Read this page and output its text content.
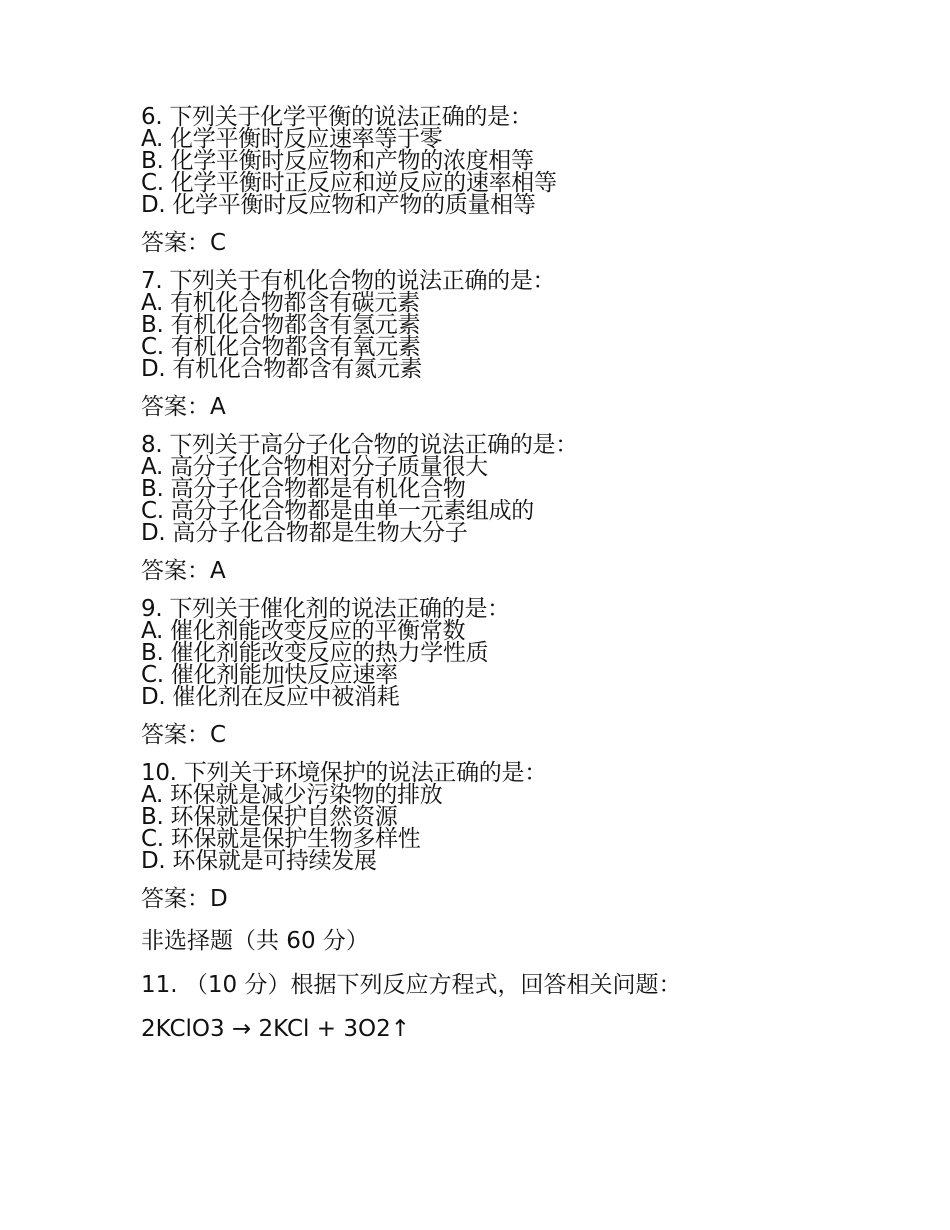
6. 下列关于化学平衡的说法正确的是：
A. 化学平衡时反应速率等于零
B. 化学平衡时反应物和产物的浓度相等
C. 化学平衡时正反应和逆反应的速率相等
D. 化学平衡时反应物和产物的质量相等
答案：C
7. 下列关于有机化合物的说法正确的是：
A. 有机化合物都含有碳元素
B. 有机化合物都含有氢元素
C. 有机化合物都含有氧元素
D. 有机化合物都含有氮元素
答案：A
8. 下列关于高分子化合物的说法正确的是：
A. 高分子化合物相对分子质量很大
B. 高分子化合物都是有机化合物
C. 高分子化合物都是由单一元素组成的
D. 高分子化合物都是生物大分子
答案：A
9. 下列关于催化剂的说法正确的是：
A. 催化剂能改变反应的平衡常数
B. 催化剂能改变反应的热力学性质
C. 催化剂能加快反应速率
D. 催化剂在反应中被消耗
答案：C
10. 下列关于环境保护的说法正确的是：
A. 环保就是减少污染物的排放
B. 环保就是保护自然资源
C. 环保就是保护生物多样性
D. 环保就是可持续发展
答案：D
非选择题（共 60 分）
11. （10 分）根据下列反应方程式，回答相关问题：
2KClO3 → 2KCl + 3O2↑
